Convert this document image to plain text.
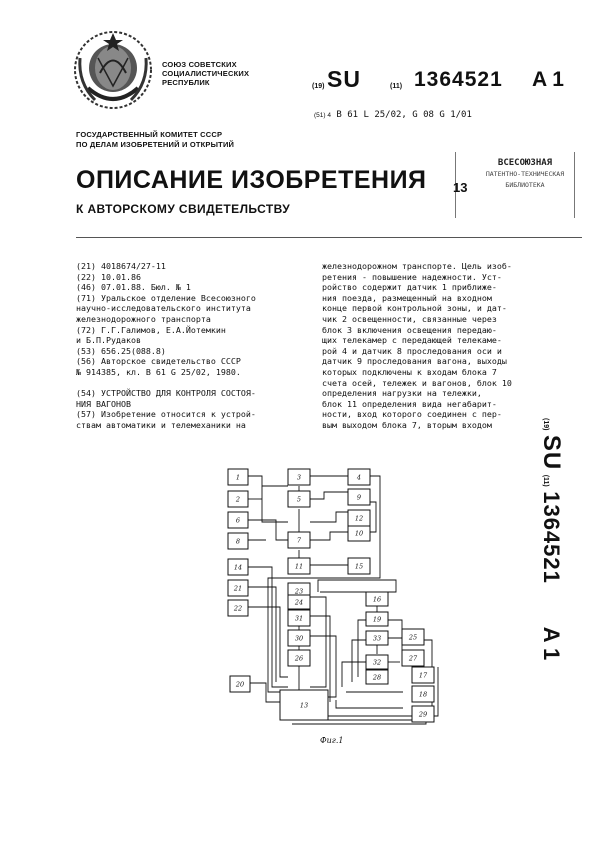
СОЮЗ СОВЕТСКИХ
СОЦИАЛИСТИЧЕСКИХ
РЕСПУБЛИК	(19) SU	(11) 1364521 A 1
(51) 4 В 61 L 25/02, G 08 G 1/01
ГОСУДАРСТВЕННЫЙ КОМИТЕТ СССР
ПО ДЕЛАМ ИЗОБРЕТЕНИЙ И ОТКРЫТИЙ
ОПИСАНИЕ ИЗОБРЕТЕНИЯ
К АВТОРСКОМУ СВИДЕТЕЛЬСТВУ
ВСЕСОЮЗНАЯ
ПАТЕНТНО-ТЕХНИЧЕСКАЯ
БИБЛИОТЕКА
13
(21) 4018674/27-11
(22) 10.01.86
(46) 07.01.88. Бюл. № 1
(71) Уральское отделение Всесоюзного
научно-исследовательского института
железнодорожного транспорта
(72) Г.Г.Галимов, Е.А.Йотемкин
и Б.П.Рудаков
(53) 656.25(088.8)
(56) Авторское свидетельство СССР
№ 914385, кл. В 61 G 25/02, 1980.
(54) УСТРОЙСТВО ДЛЯ КОНТРОЛЯ СОСТОЯ-
НИЯ ВАГОНОВ
(57) Изобретение относится к устрой-
ствам автоматики и телемеханики на
железнодорожном транспорте. Цель изоб-
ретения - повышение надежности. Уст-
ройство содержит датчик 1 приближе-
ния поезда, размещенный на входном
конце первой контрольной зоны, и дат-
чик 2 освещенности, связанные через
блок 3 включения освещения передаю-
щих телекамер с передающей телекаме-
рой 4 и датчик 8 проследования оси и
датчик 9 проследования вагона, выходы
которых подключены к входам блока 7
счета осей, тележек и вагонов, блок 10
определения нагрузки на тележки,
блок 11 определения вида негабарит-
ности, вход которого соединен с пер-
вым выходом блока 7, вторым входом	(19) SU (11) 1364521  A 1
1
2
3	4
5
6
7
8
9
10
11
12
13
14	15
16
17
18
19
20
21
22
23
24
25
26	27
28
29
30
31
32
33
Фиг.1
